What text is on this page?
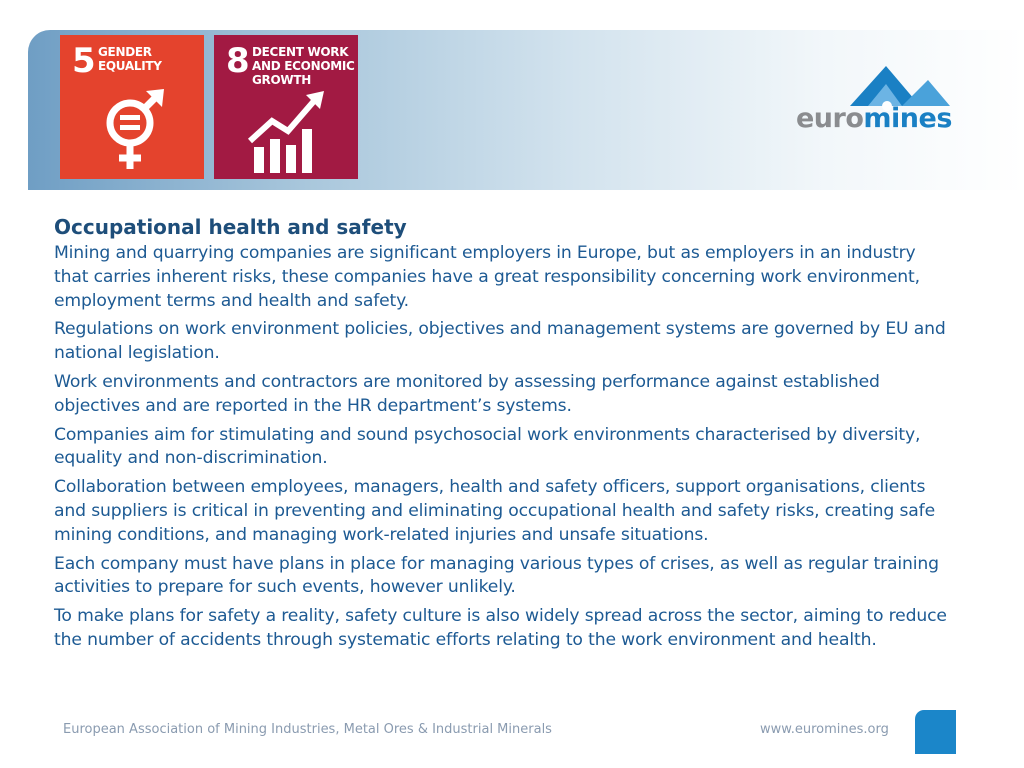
5 GENDER EQUALITY	8 DECENT WORK AND ECONOMIC GROWTH
euromines
Occupational health and safety

Mining and quarrying companies are significant employers in Europe, but as employers in an industry that carries inherent risks, these companies have a great responsibility concerning work environment, employment terms and health and safety.

Regulations on work environment policies, objectives and management systems are governed by EU and national legislation.

Work environments and contractors are monitored by assessing performance against established objectives and are reported in the HR department’s systems.

Companies aim for stimulating and sound psychosocial work environments characterised by diversity, equality and non-discrimination.

Collaboration between employees, managers, health and safety officers, support organisations, clients and suppliers is critical in preventing and eliminating occupational health and safety risks, creating safe mining conditions, and managing work-related injuries and unsafe situations.

Each company must have plans in place for managing various types of crises, as well as regular training activities to prepare for such events, however unlikely.

To make plans for safety a reality, safety culture is also widely spread across the sector, aiming to reduce the number of accidents through systematic efforts relating to the work environment and health.

European Association of Mining Industries, Metal Ores & Industrial Minerals	www.euromines.org
